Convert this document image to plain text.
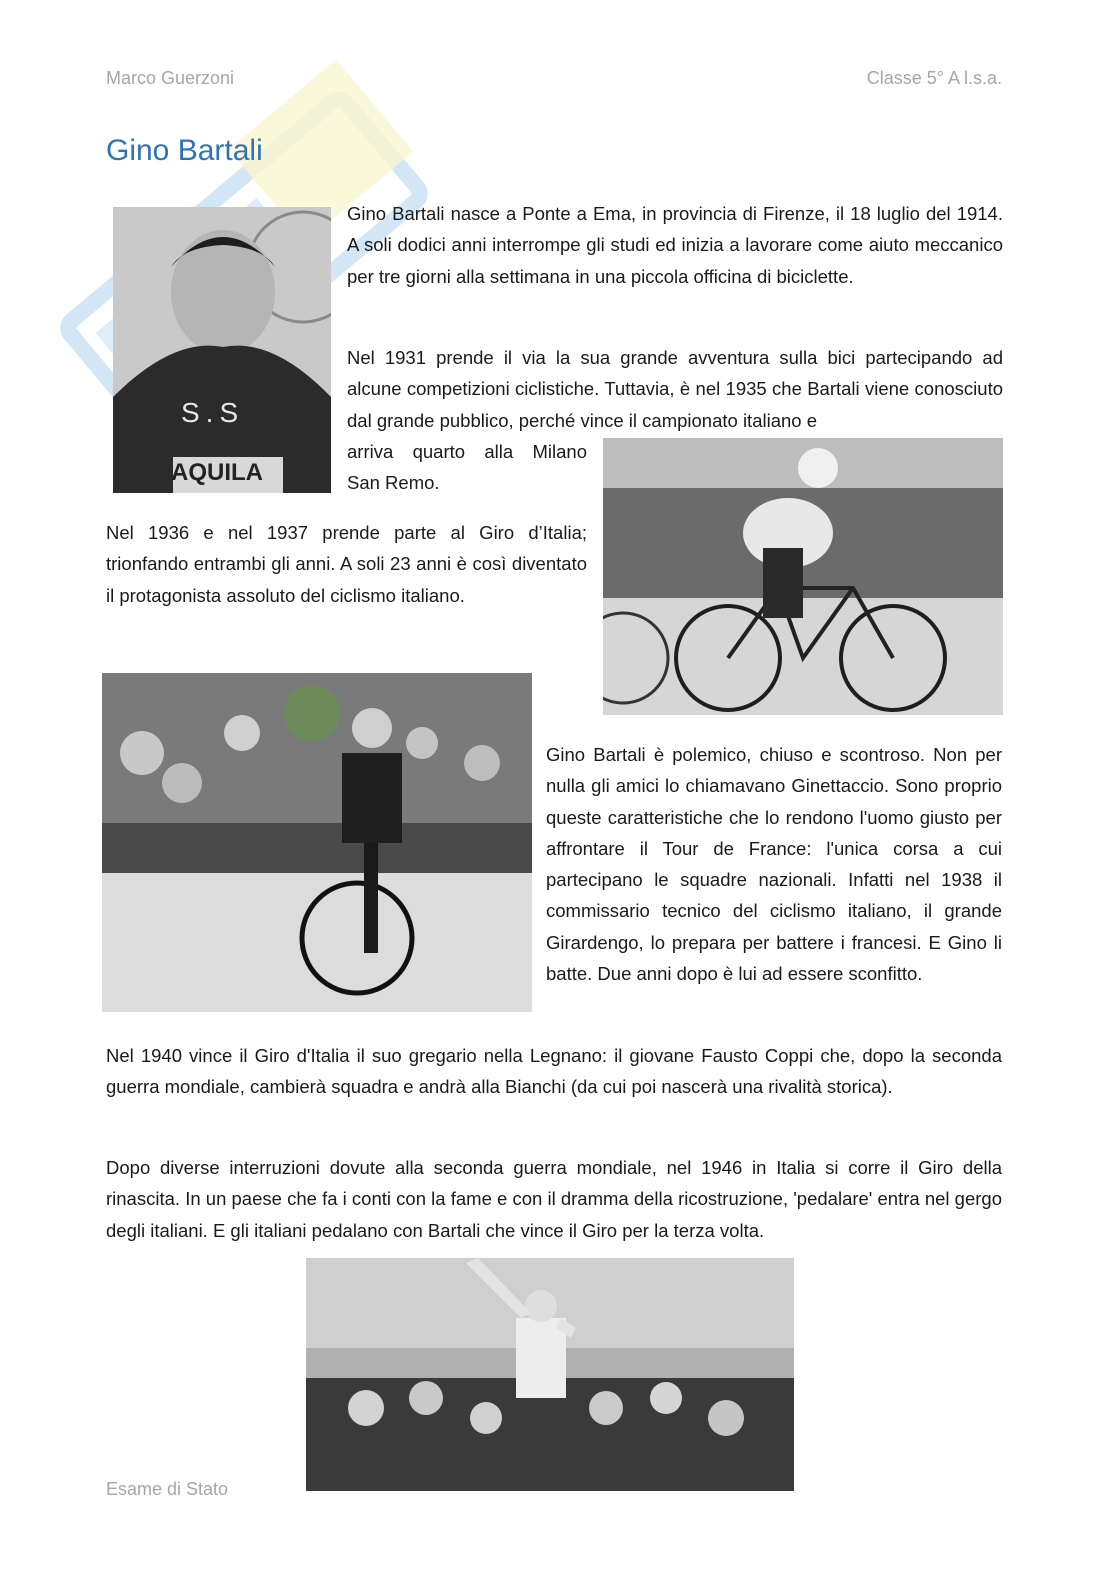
Marco Guerzoni	Classe 5° A l.s.a.
Gino Bartali
S.S
AQUILA

Gino Bartali nasce a Ponte a Ema, in provincia di Firenze, il 18 luglio del 1914. A soli dodici anni interrompe gli studi ed inizia a lavorare come aiuto meccanico per tre giorni alla settimana in una piccola officina di biciclette.

Nel 1931 prende il via la sua grande avventura sulla bici partecipando ad alcune competizioni ciclistiche. Tuttavia, è nel 1935 che Bartali viene conosciuto dal grande pubblico, perché vince il campionato italiano e

arriva quarto alla Milano

San Remo.

Nel 1936 e nel 1937 prende parte al Giro d’Italia; trionfando entrambi gli anni. A soli 23 anni è così diventato il protagonista assoluto del ciclismo italiano.

Gino Bartali è polemico, chiuso e scontroso. Non per nulla gli amici lo chiamavano Ginettaccio. Sono proprio queste caratteristiche che lo rendono l'uomo giusto per affrontare il Tour de France: l'unica corsa a cui partecipano le squadre nazionali. Infatti nel 1938 il commissario tecnico del ciclismo italiano, il grande Girardengo, lo prepara per battere i francesi. E Gino li batte. Due anni dopo è lui ad essere sconfitto.

Nel 1940 vince il Giro d'Italia il suo gregario nella Legnano: il giovane Fausto Coppi che, dopo la seconda guerra mondiale, cambierà squadra e andrà alla Bianchi (da cui poi nascerà una rivalità storica).

Dopo diverse interruzioni dovute alla seconda guerra mondiale, nel 1946 in Italia si corre il Giro della rinascita. In un paese che fa i conti con la fame e con il dramma della ricostruzione, 'pedalare' entra nel gergo degli italiani. E gli italiani pedalano con Bartali che vince il Giro per la terza volta.

Esame di Stato
